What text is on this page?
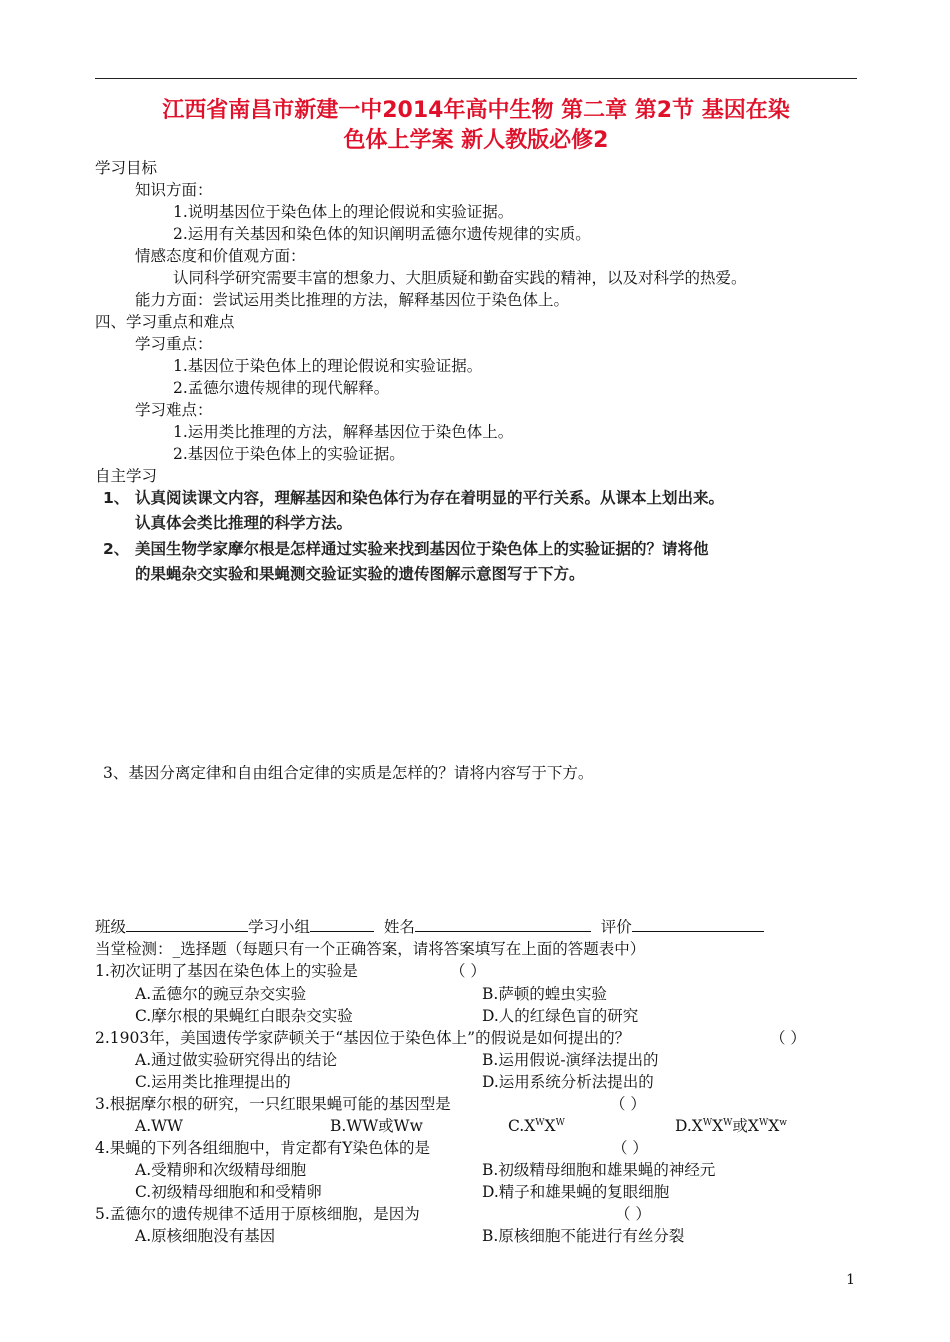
江西省南昌市新建一中2014年高中生物 第二章 第2节 基因在染
色体上学案 新人教版必修2
学习目标
知识方面：
1.说明基因位于染色体上的理论假说和实验证据。
2.运用有关基因和染色体的知识阐明孟德尔遗传规律的实质。
情感态度和价值观方面：
认同科学研究需要丰富的想象力、大胆质疑和勤奋实践的精神，以及对科学的热爱。
能力方面：尝试运用类比推理的方法，解释基因位于染色体上。
四、学习重点和难点
学习重点：
1.基因位于染色体上的理论假说和实验证据。
2.孟德尔遗传规律的现代解释。
学习难点：
1.运用类比推理的方法，解释基因位于染色体上。
2.基因位于染色体上的实验证据。
自主学习
1、 认真阅读课文内容，理解基因和染色体行为存在着明显的平行关系。从课本上划出来。
认真体会类比推理的科学方法。
2、 美国生物学家摩尔根是怎样通过实验来找到基因位于染色体上的实验证据的？请将他
的果蝇杂交实验和果蝇测交验证实验的遗传图解示意图写于下方。
3、基因分离定律和自由组合定律的实质是怎样的？请将内容写于下方。
班级	学习小组	姓名	评价
当堂检测：_选择题（每题只有一个正确答案，请将答案填写在上面的答题表中）
1.初次证明了基因在染色体上的实验是	（ ）
A.孟德尔的豌豆杂交实验	B.萨顿的蝗虫实验
C.摩尔根的果蝇红白眼杂交实验	D.人的红绿色盲的研究
2.1903年，美国遗传学家萨顿关于“基因位于染色体上”的假说是如何提出的？	（ ）
A.通过做实验研究得出的结论	B.运用假说-演绎法提出的
C.运用类比推理提出的	D.运用系统分析法提出的
3.根据摩尔根的研究，一只红眼果蝇可能的基因型是	（ ）
A.WW	B.WW或Ww	$C.X^WX^W$	$D.X^WX^W$或$X^WX^w$
4.果蝇的下列各组细胞中，肯定都有Y染色体的是	（ ）
A.受精卵和次级精母细胞	B.初级精母细胞和雄果蝇的神经元
C.初级精母细胞和和受精卵	D.精子和雄果蝇的复眼细胞
5.孟德尔的遗传规律不适用于原核细胞，是因为	（ ）
A.原核细胞没有基因	B.原核细胞不能进行有丝分裂
1
